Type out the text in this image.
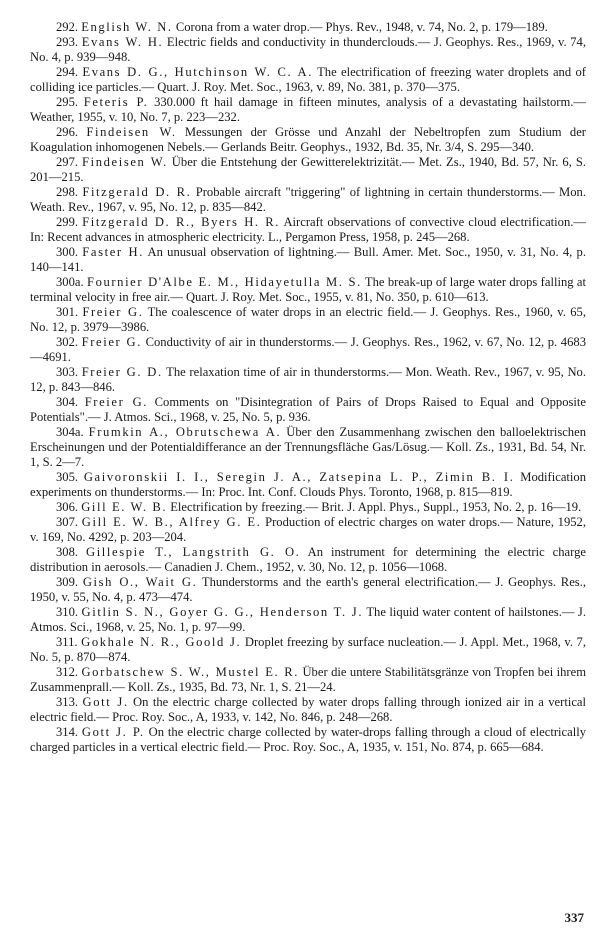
292. English W. N. Corona from a water drop.— Phys. Rev., 1948, v. 74, No. 2, p. 179—189.

293. Evans W. H. Electric fields and conductivity in thunderclouds.— J. Geophys. Res., 1969, v. 74, No. 4, p. 939—948.

294. Evans D. G., Hutchinson W. C. A. The electrification of freezing water droplets and of colliding ice particles.— Quart. J. Roy. Met. Soc., 1963, v. 89, No. 381, p. 370—375.

295. Feteris P. 330.000 ft hail damage in fifteen minutes, analysis of a devastating hailstorm.— Weather, 1955, v. 10, No. 7, p. 223—232.

296. Findeisen W. Messungen der Grösse und Anzahl der Nebeltropfen zum Studium der Koagulation inhomogenen Nebels.— Gerlands Beitr. Geophys., 1932, Bd. 35, Nr. 3/4, S. 295—340.

297. Findeisen W. Über die Entstehung der Gewitterelektrizität.— Met. Zs., 1940, Bd. 57, Nr. 6, S. 201—215.

298. Fitzgerald D. R. Probable aircraft "triggering" of lightning in certain thunderstorms.— Mon. Weath. Rev., 1967, v. 95, No. 12, p. 835—842.

299. Fitzgerald D. R., Byers H. R. Aircraft observations of convective cloud electrification.— In: Recent advances in atmospheric electricity. L., Pergamon Press, 1958, p. 245—268.

300. Faster H. An unusual observation of lightning.— Bull. Amer. Met. Soc., 1950, v. 31, No. 4, p. 140—141.

300a. Fournier D'Albe E. M., Hidayetulla M. S. The break-up of large water drops falling at terminal velocity in free air.— Quart. J. Roy. Met. Soc., 1955, v. 81, No. 350, p. 610—613.

301. Freier G. The coalescence of water drops in an electric field.— J. Geophys. Res., 1960, v. 65, No. 12, p. 3979—3986.

302. Freier G. Conductivity of air in thunderstorms.— J. Geophys. Res., 1962, v. 67, No. 12, p. 4683—4691.

303. Freier G. D. The relaxation time of air in thunderstorms.— Mon. Weath. Rev., 1967, v. 95, No. 12, p. 843—846.

304. Freier G. Comments on "Disintegration of Pairs of Drops Raised to Equal and Opposite Potentials".— J. Atmos. Sci., 1968, v. 25, No. 5, p. 936.

304a. Frumkin A., Obrutschewa A. Über den Zusammenhang zwischen den balloelektrischen Erscheinungen und der Potentialdifferance an der Trennungsfläche Gas/Lösug.— Koll. Zs., 1931, Bd. 54, Nr. 1, S. 2—7.

305. Gaivoronskii I. I., Seregin J. A., Zatsepina L. P., Zimin B. I. Modification experiments on thunderstorms.— In: Proc. Int. Conf. Clouds Phys. Toronto, 1968, p. 815—819.

306. Gill E. W. B. Electrification by freezing.— Brit. J. Appl. Phys., Suppl., 1953, No. 2, p. 16—19.

307. Gill E. W. B., Alfrey G. E. Production of electric charges on water drops.— Nature, 1952, v. 169, No. 4292, p. 203—204.

308. Gillespie T., Langstrith G. O. An instrument for determining the electric charge distribution in aerosols.— Canadien J. Chem., 1952, v. 30, No. 12, p. 1056—1068.

309. Gish O., Wait G. Thunderstorms and the earth's general electrification.— J. Geophys. Res., 1950, v. 55, No. 4, p. 473—474.

310. Gitlin S. N., Goyer G. G., Henderson T. J. The liquid water content of hailstones.— J. Atmos. Sci., 1968, v. 25, No. 1, p. 97—99.

311. Gokhale N. R., Goold J. Droplet freezing by surface nucleation.— J. Appl. Met., 1968, v. 7, No. 5, p. 870—874.

312. Gorbatschew S. W., Mustel E. R. Über die untere Stabilitätsgränze von Tropfen bei ihrem Zusammenprall.— Koll. Zs., 1935, Bd. 73, Nr. 1, S. 21—24.

313. Gott J. On the electric charge collected by water drops falling through ionized air in a vertical electric field.— Proc. Roy. Soc., A, 1933, v. 142, No. 846, p. 248—268.

314. Gott J. P. On the electric charge collected by water-drops falling through a cloud of electrically charged particles in a vertical electric field.— Proc. Roy. Soc., A, 1935, v. 151, No. 874, p. 665—684.

337
